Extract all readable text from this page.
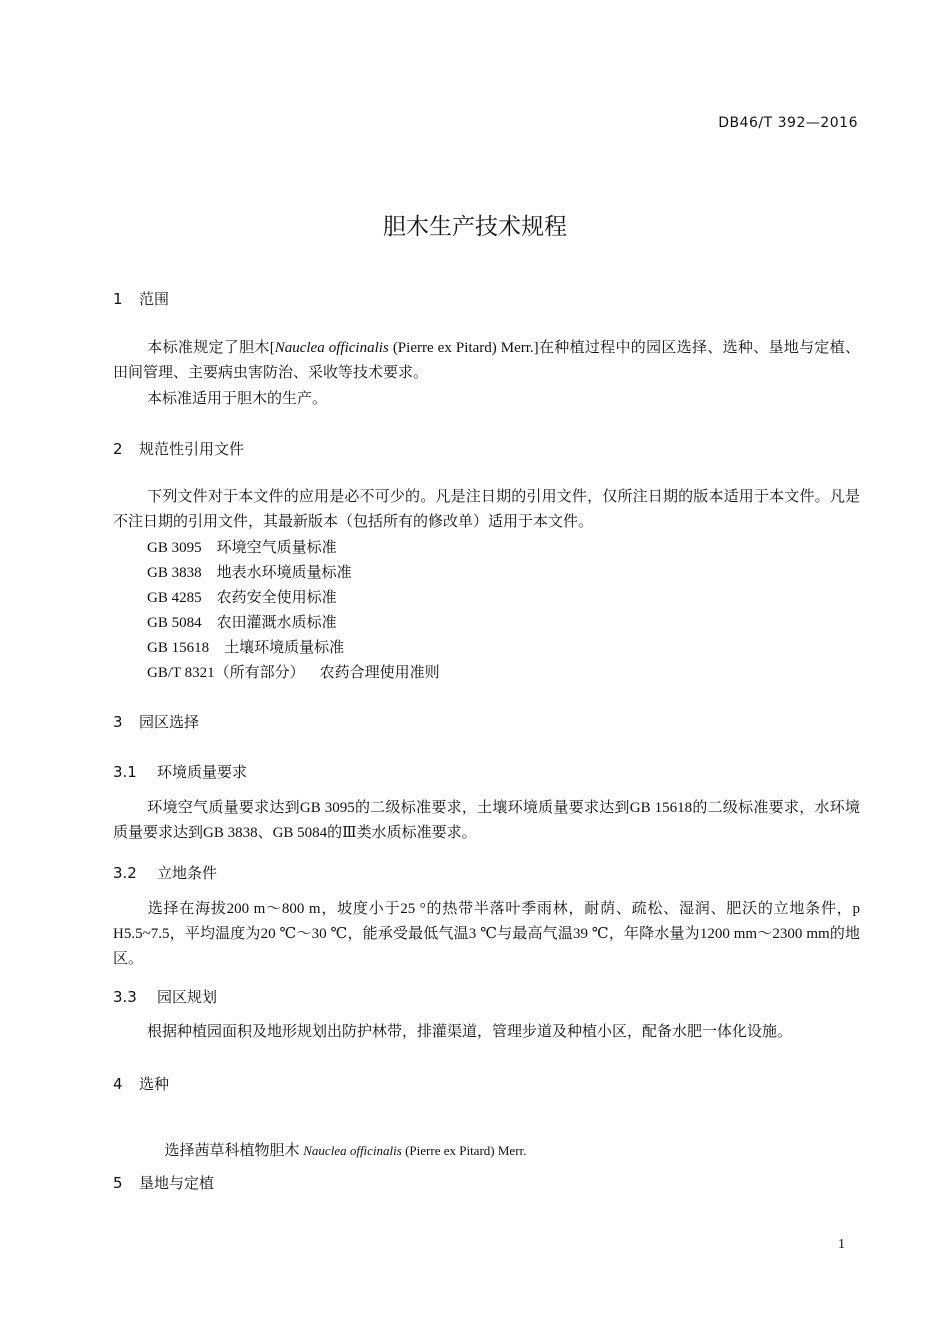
DB46/T 392—2016
胆木生产技术规程
1 范围
本标准规定了胆木[Nauclea officinalis (Pierre ex Pitard) Merr.]在种植过程中的园区选择、选种、垦地与定植、田间管理、主要病虫害防治、采收等技术要求。
本标准适用于胆木的生产。
2 规范性引用文件
下列文件对于本文件的应用是必不可少的。凡是注日期的引用文件，仅所注日期的版本适用于本文件。凡是不注日期的引用文件，其最新版本（包括所有的修改单）适用于本文件。
GB 3095    环境空气质量标准
GB 3838    地表水环境质量标准
GB 4285    农药安全使用标准
GB 5084    农田灌溉水质标准
GB 15618    土壤环境质量标准
GB/T 8321（所有部分）    农药合理使用准则
3 园区选择
3.1 环境质量要求
环境空气质量要求达到GB 3095的二级标准要求，土壤环境质量要求达到GB 15618的二级标准要求，水环境质量要求达到GB 3838、GB 5084的Ⅲ类水质标准要求。
3.2 立地条件
选择在海拔200 m～800 m，坡度小于25 °的热带半落叶季雨林，耐荫、疏松、湿润、肥沃的立地条件，p H5.5~7.5，平均温度为20 ℃～30 ℃，能承受最低气温3 ℃与最高气温39 ℃，年降水量为1200 mm～2300 mm的地区。
3.3 园区规划
根据种植园面积及地形规划出防护林带，排灌渠道，管理步道及种植小区，配备水肥一体化设施。
4 选种

选择茜草科植物胆木 Nauclea officinalis (Pierre ex Pitard) Merr.

5 垦地与定植
1
